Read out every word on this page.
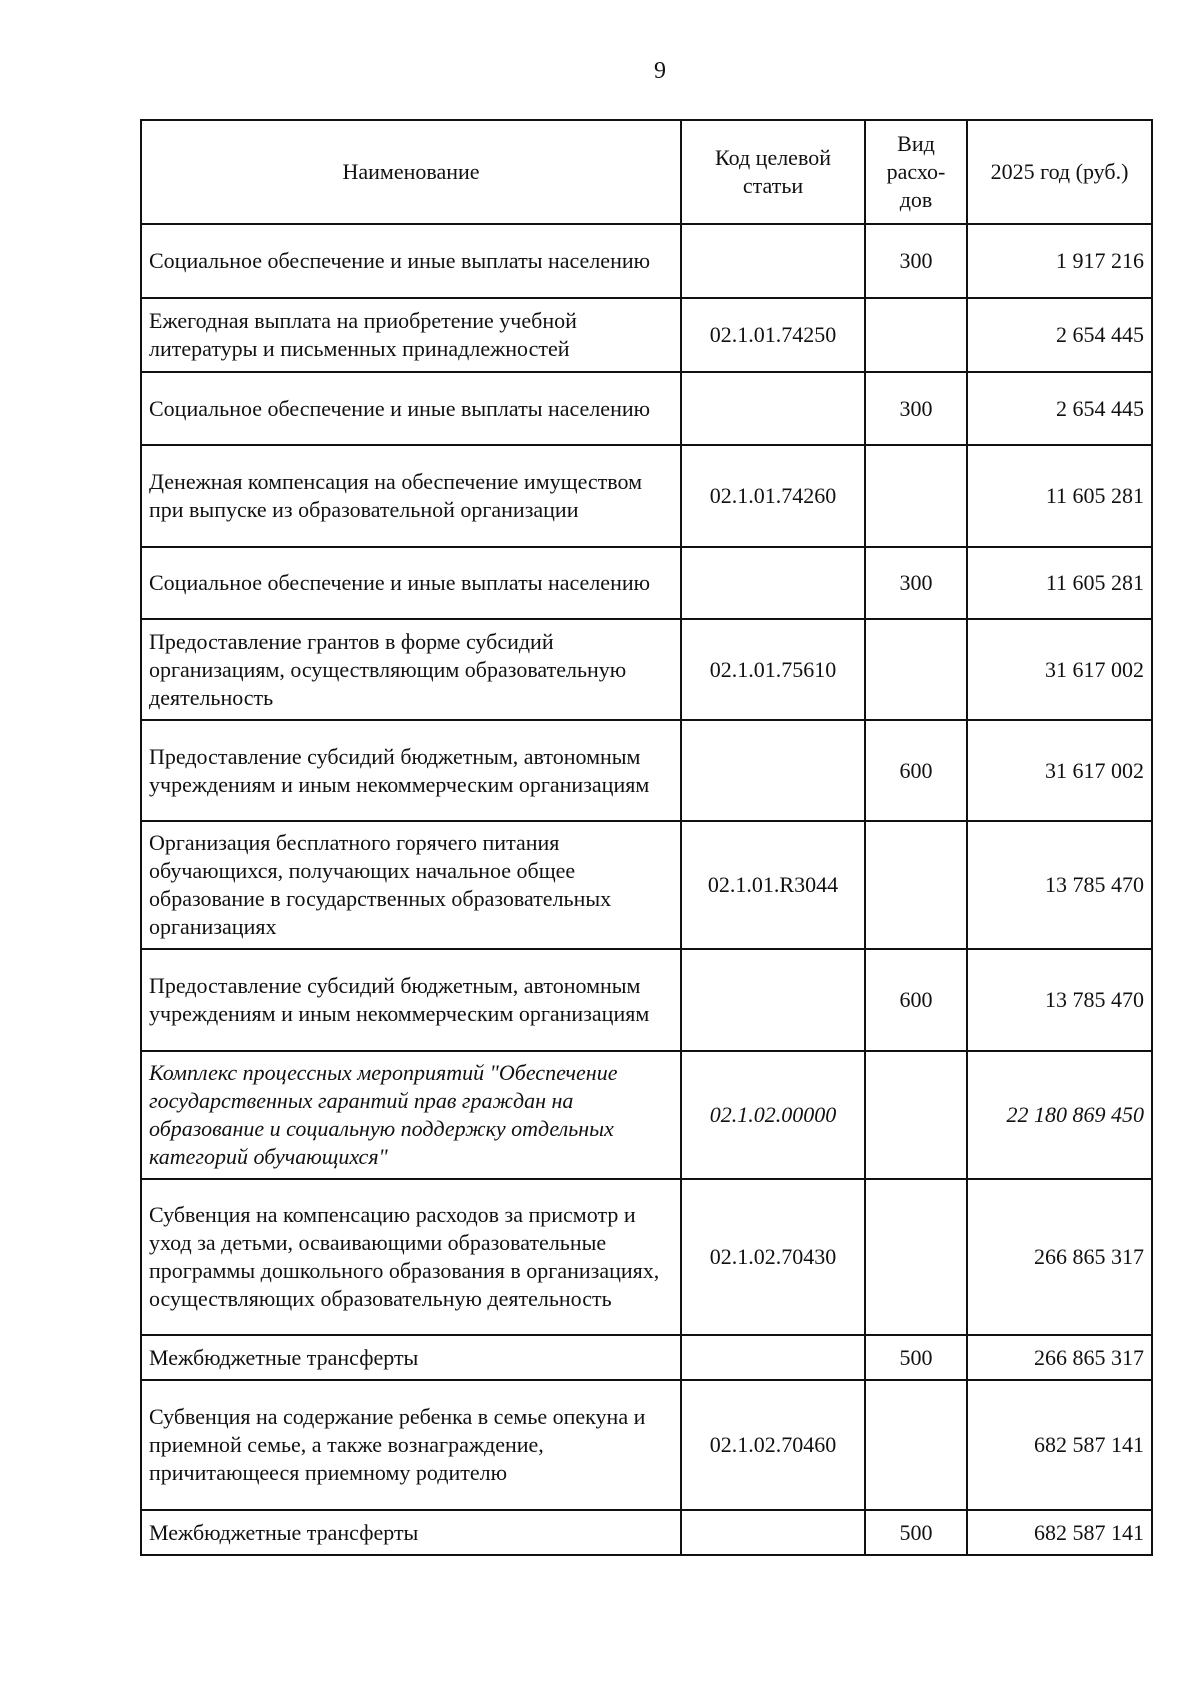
9
Наименование	Код целевой статьи	Вид расхо-дов	2025 год (руб.)
Социальное обеспечение и иные выплаты населению		300	1 917 216
Ежегодная выплата на приобретение учебной литературы и письменных принадлежностей	02.1.01.74250		2 654 445
Социальное обеспечение и иные выплаты населению		300	2 654 445
Денежная компенсация на обеспечение имуществом при выпуске из образовательной организации	02.1.01.74260		11 605 281
Социальное обеспечение и иные выплаты населению		300	11 605 281
Предоставление грантов в форме субсидий организациям, осуществляющим образовательную деятельность	02.1.01.75610		31 617 002
Предоставление субсидий бюджетным, автономным учреждениям и иным некоммерческим организациям		600	31 617 002
Организация бесплатного горячего питания обучающихся, получающих начальное общее образование в государственных образовательных организациях	02.1.01.R3044		13 785 470
Предоставление субсидий бюджетным, автономным учреждениям и иным некоммерческим организациям		600	13 785 470
Комплекс процессных мероприятий "Обеспечение государственных гарантий прав граждан на образование и социальную поддержку отдельных категорий обучающихся"	02.1.02.00000		22 180 869 450
Субвенция на компенсацию расходов за присмотр и уход за детьми, осваивающими образовательные программы дошкольного образования в организациях, осуществляющих образовательную деятельность	02.1.02.70430		266 865 317
Межбюджетные трансферты		500	266 865 317
Субвенция на содержание ребенка в семье опекуна и приемной семье, а также вознаграждение, причитающееся приемному родителю	02.1.02.70460		682 587 141
Межбюджетные трансферты		500	682 587 141
